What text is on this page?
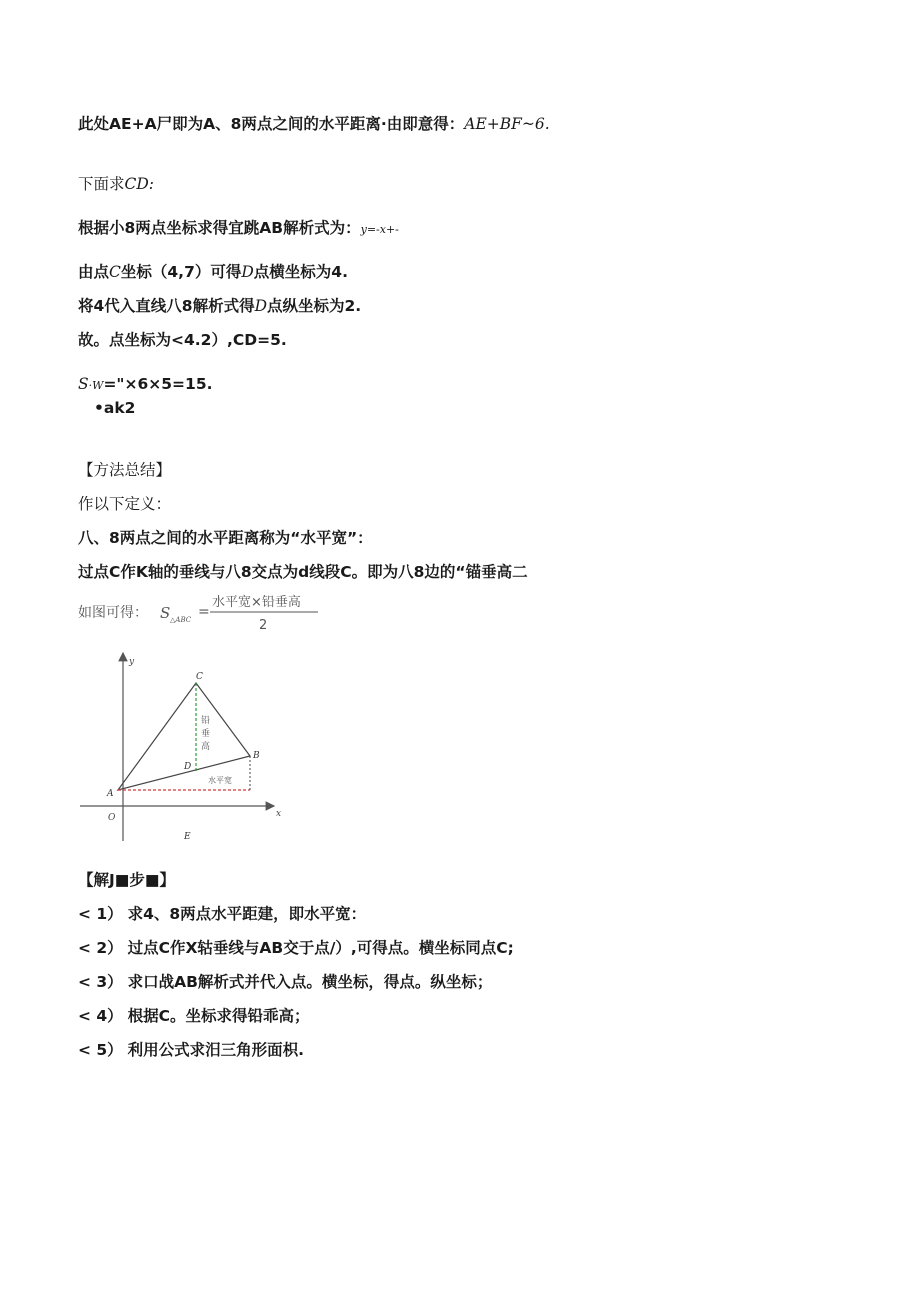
此处AE+A尸即为A、8两点之间的水平距离·由即意得：AE+BF~6.
下面求CD:
根据小8两点坐标求得宜跳AB解析式为：y=-x+-
由点C坐标（4,7）可得D点横坐标为4.
将4代入直线八8解析式得D点纵坐标为2.
故。点坐标为<4.2）,CD=5.
S·W="×6×5=15.
•ak2
【方法总结】
作以下定义：
八、8两点之间的水平距离称为“水平宽”：
过点C作K轴的垂线与八8交点为d线段C。即为八8边的“锚垂高二
如图可得： S △ABC =
水平宽×铅垂高
2
x
y
O
C
B
A
D
E
铅
垂
高
水平宽
【解J■步■】
< 1） 求4、8两点水平距建，即水平宽：
< 2） 过点C作X轱垂线与AB交于点/）,可得点。横坐标同点C;
< 3） 求口战AB解析式并代入点。横坐标，得点。纵坐标；
< 4） 根据C。坐标求得铅乖高；
< 5） 利用公式求汨三角形面枳.
